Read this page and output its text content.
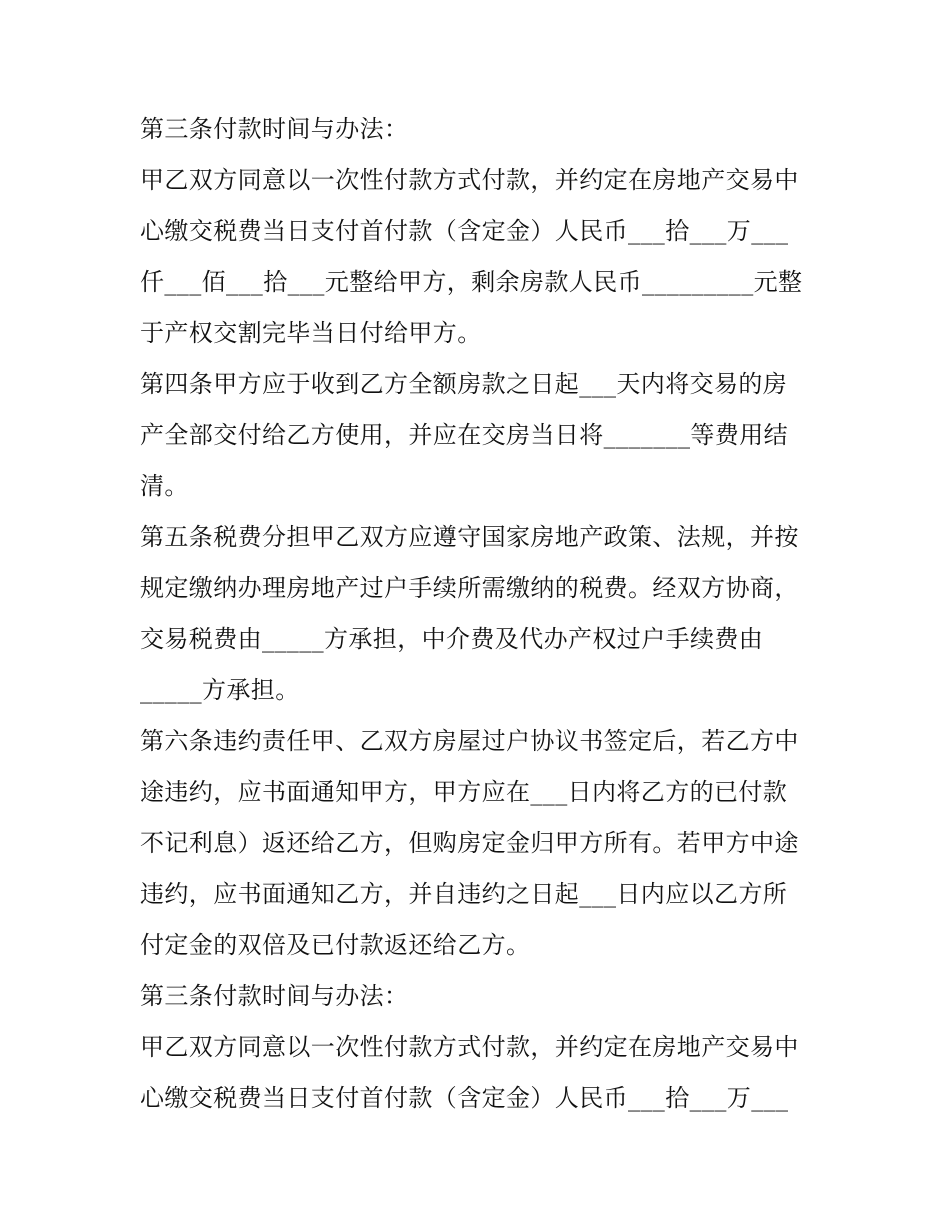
第三条付款时间与办法：
甲乙双方同意以一次性付款方式付款，并约定在房地产交易中
心缴交税费当日支付首付款（含定金）人民币___拾___万___
仟___佰___拾___元整给甲方，剩余房款人民币_________元整
于产权交割完毕当日付给甲方。
第四条甲方应于收到乙方全额房款之日起___天内将交易的房
产全部交付给乙方使用，并应在交房当日将_______等费用结
清。
第五条税费分担甲乙双方应遵守国家房地产政策、法规，并按
规定缴纳办理房地产过户手续所需缴纳的税费。经双方协商，
交易税费由_____方承担，中介费及代办产权过户手续费由
_____方承担。
第六条违约责任甲、乙双方房屋过户协议书签定后，若乙方中
途违约，应书面通知甲方，甲方应在___日内将乙方的已付款
不记利息）返还给乙方，但购房定金归甲方所有。若甲方中途
违约，应书面通知乙方，并自违约之日起___日内应以乙方所
付定金的双倍及已付款返还给乙方。
第三条付款时间与办法：
甲乙双方同意以一次性付款方式付款，并约定在房地产交易中
心缴交税费当日支付首付款（含定金）人民币___拾___万___
